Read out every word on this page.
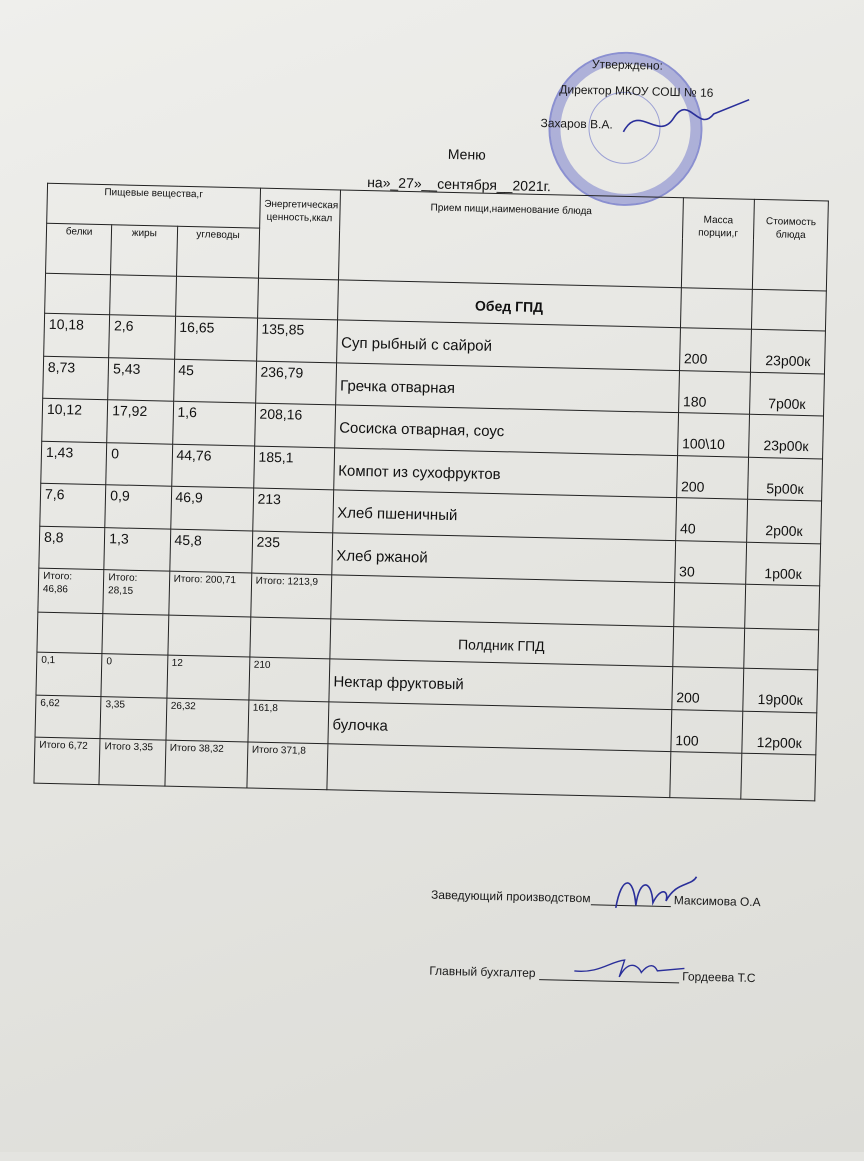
Утверждено:
Директор МКОУ СОШ № 16
Захаров В.А.
Меню
на»_27»__сентября__2021г.
Пищевые вещества,г			Энергетическая ценность,ккал	Прием пищи,наименование блюда	Масса порции,г	Стоимость блюда
белки	жиры	углеводы				
				Обед ГПД		
10,18	2,6	16,65	135,85	Суп рыбный с сайрой	200	23р00к
8,73	5,43	45	236,79	Гречка отварная	180	7р00к
10,12	17,92	1,6	208,16	Сосиска отварная, соус	100\10	23р00к
1,43	0	44,76	185,1	Компот из сухофруктов	200	5р00к
7,6	0,9	46,9	213	Хлеб пшеничный	40	2р00к
8,8	1,3	45,8	235	Хлеб ржаной	30	1р00к
Итого: 46,86	Итого: 28,15	Итого: 200,71	Итого: 1213,9			
				Полдник ГПД		
0,1	0	12	210	Нектар фруктовый	200	19р00к
6,62	3,35	26,32	161,8	булочка	100	12р00к
Итого 6,72	Итого 3,35	Итого 38,32	Итого 371,8			
Заведующий производством	Максимова О.А
Главный бухгалтер	Гордеева Т.С
